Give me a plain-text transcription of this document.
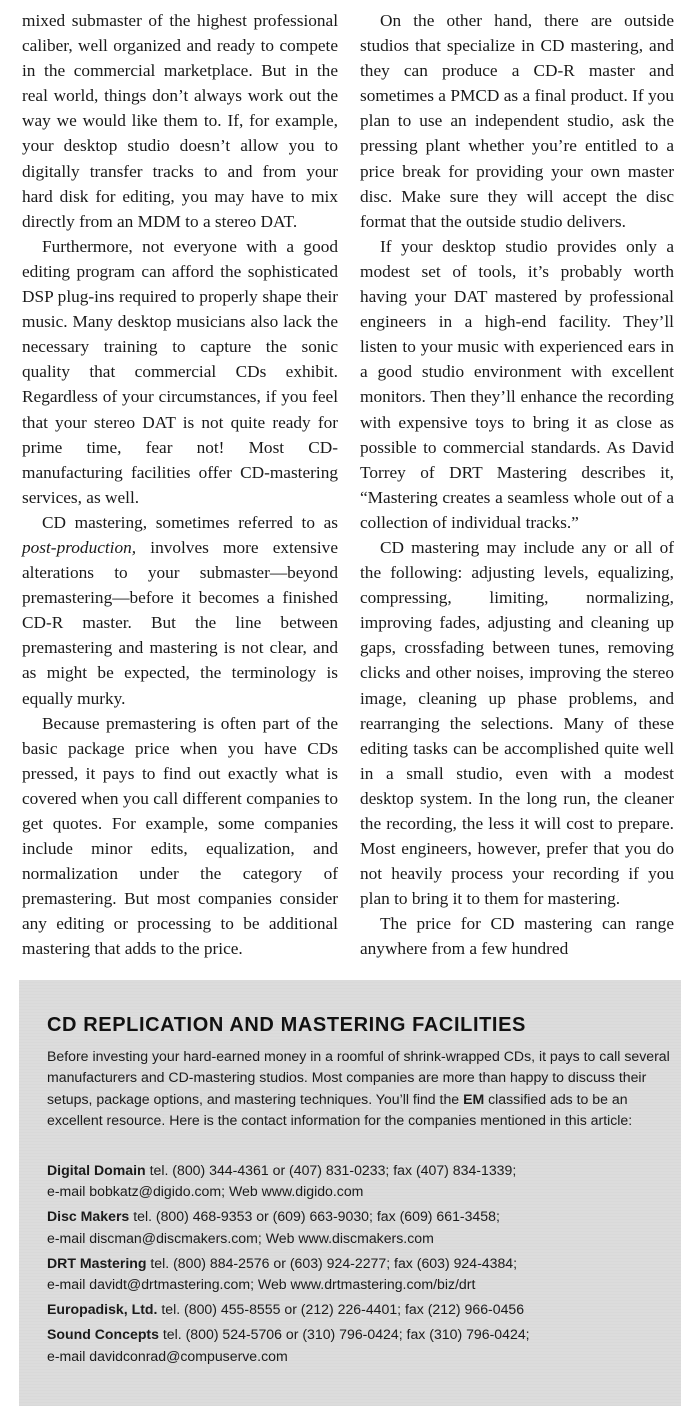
mixed submaster of the highest professional caliber, well organized and ready to compete in the commercial marketplace. But in the real world, things don’t always work out the way we would like them to. If, for example, your desktop studio doesn’t allow you to digitally transfer tracks to and from your hard disk for editing, you may have to mix directly from an MDM to a stereo DAT.

Furthermore, not everyone with a good editing program can afford the sophisticated DSP plug-ins required to properly shape their music. Many desktop musicians also lack the necessary training to capture the sonic quality that commercial CDs exhibit. Regardless of your circumstances, if you feel that your stereo DAT is not quite ready for prime time, fear not! Most CD-manufacturing facilities offer CD-mastering services, as well.

CD mastering, sometimes referred to as post-production, involves more extensive alterations to your submaster—beyond premastering—before it becomes a finished CD-R master. But the line between premastering and mastering is not clear, and as might be expected, the terminology is equally murky.

Because premastering is often part of the basic package price when you have CDs pressed, it pays to find out exactly what is covered when you call different companies to get quotes. For example, some companies include minor edits, equalization, and normalization under the category of premastering. But most companies consider any editing or processing to be additional mastering that adds to the price.

On the other hand, there are outside studios that specialize in CD mastering, and they can produce a CD-R master and sometimes a PMCD as a final product. If you plan to use an independent studio, ask the pressing plant whether you’re entitled to a price break for providing your own master disc. Make sure they will accept the disc format that the outside studio delivers.

If your desktop studio provides only a modest set of tools, it’s probably worth having your DAT mastered by professional engineers in a high-end facility. They’ll listen to your music with experienced ears in a good studio environment with excellent monitors. Then they’ll enhance the recording with expensive toys to bring it as close as possible to commercial standards. As David Torrey of DRT Mastering describes it, “Mastering creates a seamless whole out of a collection of individual tracks.”

CD mastering may include any or all of the following: adjusting levels, equalizing, compressing, limiting, normalizing, improving fades, adjusting and cleaning up gaps, crossfading between tunes, removing clicks and other noises, improving the stereo image, cleaning up phase problems, and rearranging the selections. Many of these editing tasks can be accomplished quite well in a small studio, even with a modest desktop system. In the long run, the cleaner the recording, the less it will cost to prepare. Most engineers, however, prefer that you do not heavily process your recording if you plan to bring it to them for mastering.

The price for CD mastering can range anywhere from a few hundred

CD REPLICATION AND MASTERING FACILITIES
Before investing your hard-earned money in a roomful of shrink-wrapped CDs, it pays to call several manufacturers and CD-mastering studios. Most companies are more than happy to discuss their setups, package options, and mastering techniques. You’ll find the EM classified ads to be an excellent resource. Here is the contact information for the companies mentioned in this article:
Digital Domain tel. (800) 344-4361 or (407) 831-0233; fax (407) 834-1339;
e-mail bobkatz@digido.com; Web www.digido.com
Disc Makers tel. (800) 468-9353 or (609) 663-9030; fax (609) 661-3458;
e-mail discman@discmakers.com; Web www.discmakers.com
DRT Mastering tel. (800) 884-2576 or (603) 924-2277; fax (603) 924-4384;
e-mail davidt@drtmastering.com; Web www.drtmastering.com/biz/drt
Europadisk, Ltd. tel. (800) 455-8555 or (212) 226-4401; fax (212) 966-0456
Sound Concepts tel. (800) 524-5706 or (310) 796-0424; fax (310) 796-0424;
e-mail davidconrad@compuserve.com
